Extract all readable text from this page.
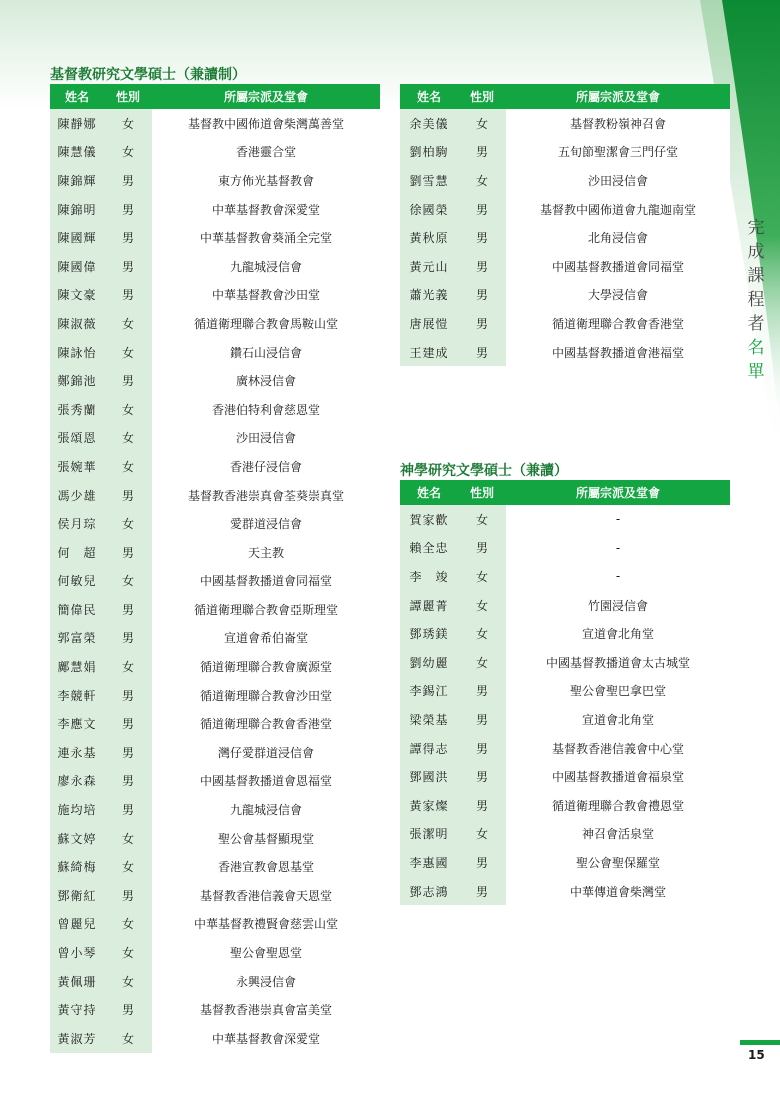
基督教研究文學碩士（兼讀制）
姓名	性別	所屬宗派及堂會
陳靜娜	女	基督教中國佈道會柴灣萬善堂
陳慧儀	女	香港靈合堂
陳錦輝	男	東方佈光基督教會
陳錦明	男	中華基督教會深愛堂
陳國輝	男	中華基督教會葵涌全完堂
陳國偉	男	九龍城浸信會
陳文豪	男	中華基督教會沙田堂
陳淑薇	女	循道衛理聯合教會馬鞍山堂
陳詠怡	女	鑽石山浸信會
鄭錦池	男	廣林浸信會
張秀蘭	女	香港伯特利會慈恩堂
張頌恩	女	沙田浸信會
張婉華	女	香港仔浸信會
馮少雄	男	基督教香港崇真會荃葵崇真堂
侯月琮	女	愛群道浸信會
何　超	男	天主教
何敏兒	女	中國基督教播道會同福堂
簡偉民	男	循道衛理聯合教會亞斯理堂
郭富榮	男	宣道會希伯崙堂
鄺慧娟	女	循道衛理聯合教會廣源堂
李競軒	男	循道衛理聯合教會沙田堂
李應文	男	循道衛理聯合教會香港堂
連永基	男	灣仔愛群道浸信會
廖永森	男	中國基督教播道會恩福堂
施均培	男	九龍城浸信會
蘇文婷	女	聖公會基督顯現堂
蘇綺梅	女	香港宣教會恩基堂
鄧衛紅	男	基督教香港信義會天恩堂
曾麗兒	女	中華基督教禮賢會慈雲山堂
曾小琴	女	聖公會聖恩堂
黃佩珊	女	永興浸信會
黃守持	男	基督教香港崇真會富美堂
黃淑芳	女	中華基督教會深愛堂
姓名	性別	所屬宗派及堂會
余美儀	女	基督教粉嶺神召會
劉柏駒	男	五旬節聖潔會三門仔堂
劉雪慧	女	沙田浸信會
徐國榮	男	基督教中國佈道會九龍迦南堂
黃秋原	男	北角浸信會
黃元山	男	中國基督教播道會同福堂
蕭光義	男	大學浸信會
唐展愷	男	循道衛理聯合教會香港堂
王建成	男	中國基督教播道會港福堂
神學研究文學碩士（兼讀）
姓名	性別	所屬宗派及堂會
賀家歡	女	-
賴全忠	男	-
李　竣	女	-
譚麗菁	女	竹園浸信會
鄧琇鎂	女	宣道會北角堂
劉幼麗	女	中國基督教播道會太古城堂
李錫江	男	聖公會聖巴拿巴堂
梁榮基	男	宣道會北角堂
譚得志	男	基督教香港信義會中心堂
鄧國洪	男	中國基督教播道會福泉堂
黃家燦	男	循道衛理聯合教會禮恩堂
張潔明	女	神召會活泉堂
李惠國	男	聖公會聖保羅堂
鄧志鴻	男	中華傳道會柴灣堂
完
成
課
程
者
名
單
15
